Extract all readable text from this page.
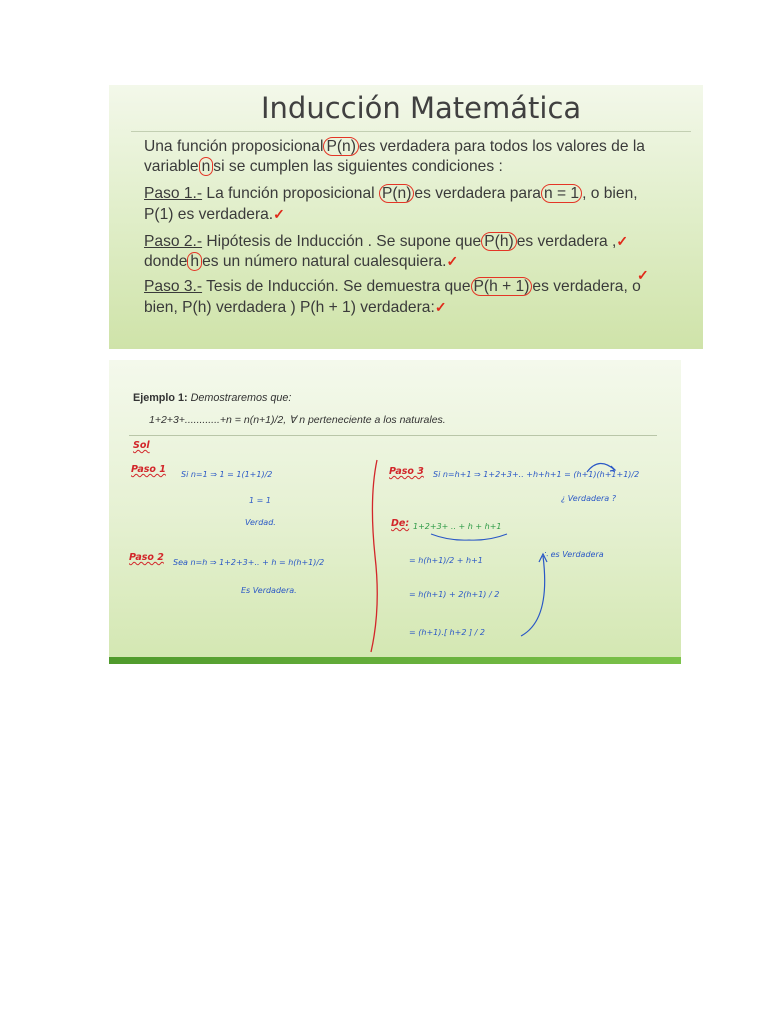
Inducción Matemática
Una función proposicional P(n) es verdadera para todos los valores de la
variable n si se cumplen las siguientes condiciones :
Paso 1.- La función proposicional P(n) es verdadera para n = 1 , o bien,
P(1) es verdadera.✓
Paso 2.- Hipótesis de Inducción . Se supone que P(h) es verdadera ,✓
donde h es un número natural cualesquiera.✓
Paso 3.- Tesis de Inducción. Se demuestra que P(h + 1) es verdadera, o
bien, P(h) verdadera ) P(h + 1) verdadera:✓
✓
Ejemplo 1: Demostraremos que:
1+2+3+............+n = n(n+1)/2, ∀ n perteneciente a los naturales.
Sol
Paso 1 Si n=1 ⇒ 1 = 1(1+1)/2
1 = 1
Verdad.
Paso 2 Sea n=h ⇒ 1+2+3+.. + h = h(h+1)/2
Es Verdadera.
Paso 3 Si n=h+1 ⇒ 1+2+3+.. +h+h+1 = (h+1)(h+1+1)/2
¿ Verdadera ?
De: 1+2+3+ .. + h + h+1
= h(h+1)/2 + h+1
= h(h+1) + 2(h+1) / 2
= (h+1).[ h+2 ] / 2
∴ es Verdadera
